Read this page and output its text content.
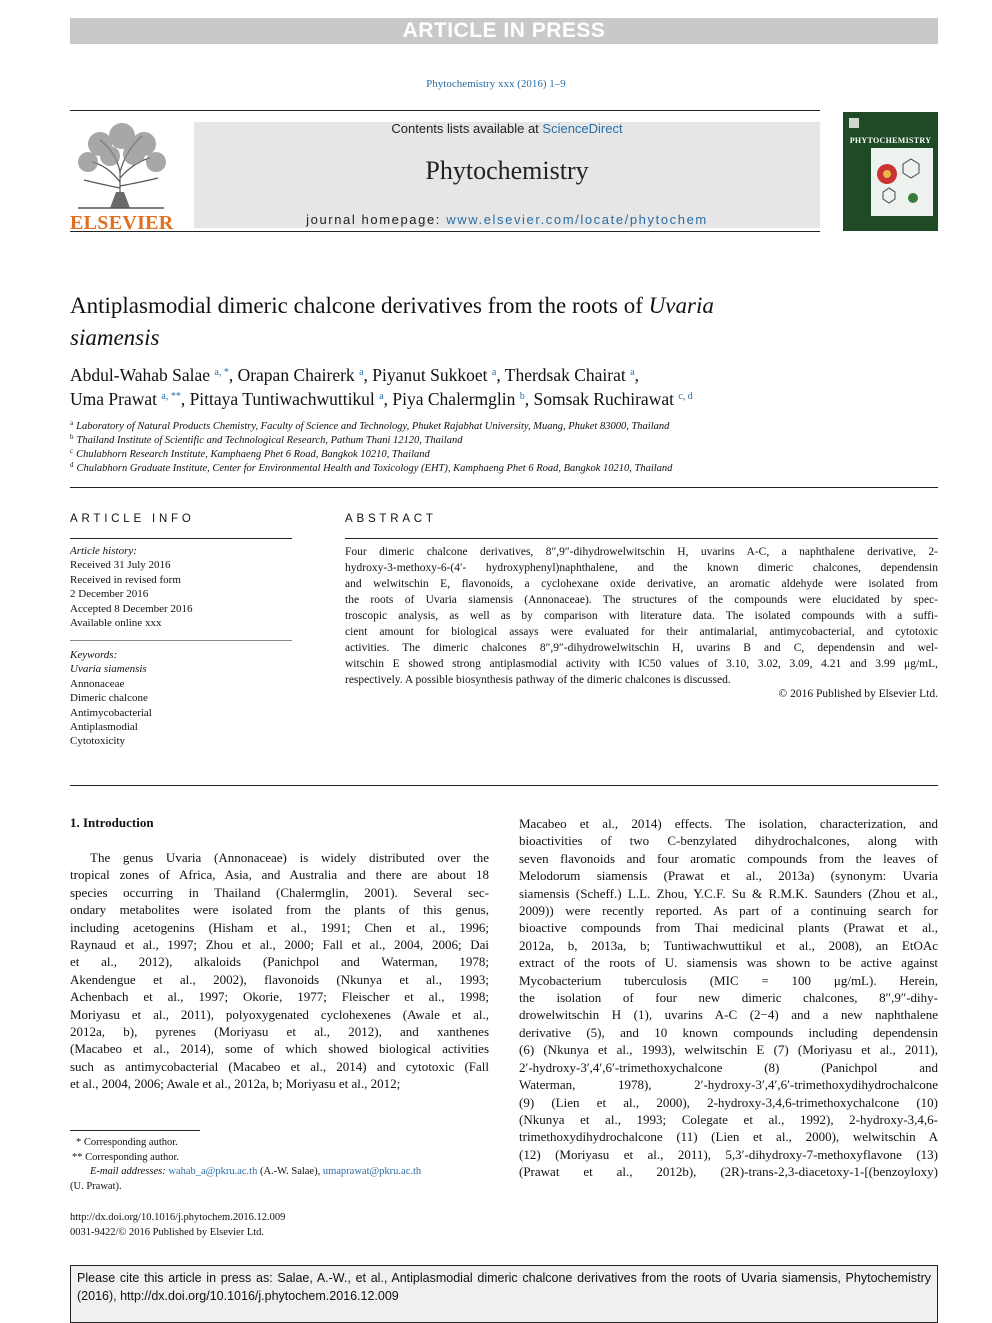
ARTICLE IN PRESS
Phytochemistry xxx (2016) 1–9
ELSEVIER
Contents lists available at ScienceDirect
Phytochemistry
journal homepage: www.elsevier.com/locate/phytochem
PHYTOCHEMISTRY
Antiplasmodial dimeric chalcone derivatives from the roots of Uvaria
siamensis
Abdul-Wahab Salae $^{a, *}$, Orapan Chairerk $^a$, Piyanut Sukkoet $^a$, Therdsak Chairat $^a$,
Uma Prawat $^{a, **}$, Pittaya Tuntiwachwuttikul $^a$, Piya Chalermglin $^b$, Somsak Ruchirawat $^{c, d}$
$^a$ Laboratory of Natural Products Chemistry, Faculty of Science and Technology, Phuket Rajabhat University, Muang, Phuket 83000, Thailand
$^b$ Thailand Institute of Scientific and Technological Research, Pathum Thani 12120, Thailand
$^c$ Chulabhorn Research Institute, Kamphaeng Phet 6 Road, Bangkok 10210, Thailand
$^d$ Chulabhorn Graduate Institute, Center for Environmental Health and Toxicology (EHT), Kamphaeng Phet 6 Road, Bangkok 10210, Thailand
ARTICLE INFO
Article history:
Received 31 July 2016
Received in revised form
2 December 2016
Accepted 8 December 2016
Available online xxx
Keywords:
Uvaria siamensis
Annonaceae
Dimeric chalcone
Antimycobacterial
Antiplasmodial
Cytotoxicity
ABSTRACT
Four dimeric chalcone derivatives, 8″,9″-dihydrowelwitschin H, uvarins A-C, a naphthalene derivative, 2-
hydroxy-3-methoxy-6-(4′- hydroxyphenyl)naphthalene, and the known dimeric chalcones, dependensin
and welwitschin E, flavonoids, a cyclohexane oxide derivative, an aromatic aldehyde were isolated from
the roots of Uvaria siamensis (Annonaceae). The structures of the compounds were elucidated by spec-
troscopic analysis, as well as by comparison with literature data. The isolated compounds with a suffi-
cient amount for biological assays were evaluated for their antimalarial, antimycobacterial, and cytotoxic
activities. The dimeric chalcones 8″,9″-dihydrowelwitschin H, uvarins B and C, dependensin and wel-
witschin E showed strong antiplasmodial activity with IC50 values of 3.10, 3.02, 3.09, 4.21 and 3.99 μg/mL,
respectively. A possible biosynthesis pathway of the dimeric chalcones is discussed.
© 2016 Published by Elsevier Ltd.
1. Introduction
The genus Uvaria (Annonaceae) is widely distributed over the
tropical zones of Africa, Asia, and Australia and there are about 18
species occurring in Thailand (Chalermglin, 2001). Several sec-
ondary metabolites were isolated from the plants of this genus,
including acetogenins (Hisham et al., 1991; Chen et al., 1996;
Raynaud et al., 1997; Zhou et al., 2000; Fall et al., 2004, 2006; Dai
et al., 2012), alkaloids (Panichpol and Waterman, 1978;
Akendengue et al., 2002), flavonoids (Nkunya et al., 1993;
Achenbach et al., 1997; Okorie, 1977; Fleischer et al., 1998;
Moriyasu et al., 2011), polyoxygenated cyclohexenes (Awale et al.,
2012a, b), pyrenes (Moriyasu et al., 2012), and xanthenes
(Macabeo et al., 2014), some of which showed biological activities
such as antimycobacterial (Macabeo et al., 2014) and cytotoxic (Fall
et al., 2004, 2006; Awale et al., 2012a, b; Moriyasu et al., 2012;
Macabeo et al., 2014) effects. The isolation, characterization, and
bioactivities of two C-benzylated dihydrochalcones, along with
seven flavonoids and four aromatic compounds from the leaves of
Melodorum siamensis (Prawat et al., 2013a) (synonym: Uvaria
siamensis (Scheff.) L.L. Zhou, Y.C.F. Su & R.M.K. Saunders (Zhou et al.,
2009)) were recently reported. As part of a continuing search for
bioactive compounds from Thai medicinal plants (Prawat et al.,
2012a, b, 2013a, b; Tuntiwachwuttikul et al., 2008), an EtOAc
extract of the roots of U. siamensis was shown to be active against
Mycobacterium tuberculosis (MIC = 100 μg/mL). Herein,
the isolation of four new dimeric chalcones, 8″,9″-dihy-
drowelwitschin H (1), uvarins A-C (2−4) and a new naphthalene
derivative (5), and 10 known compounds including dependensin
(6) (Nkunya et al., 1993), welwitschin E (7) (Moriyasu et al., 2011),
2′-hydroxy-3′,4′,6′-trimethoxychalcone (8) (Panichpol and
Waterman, 1978), 2′-hydroxy-3′,4′,6′-trimethoxydihydrochalcone
(9) (Lien et al., 2000), 2-hydroxy-3,4,6-trimethoxychalcone (10)
(Nkunya et al., 1993; Colegate et al., 1992), 2-hydroxy-3,4,6-
trimethoxydihydrochalcone (11) (Lien et al., 2000), welwitschin A
(12) (Moriyasu et al., 2011), 5,3′-dihydroxy-7-methoxyflavone (13)
(Prawat et al., 2012b), (2R)-trans-2,3-diacetoxy-1-[(benzoyloxy)
* Corresponding author.
** Corresponding author.
E-mail addresses: wahab_a@pkru.ac.th (A.-W. Salae), umaprawat@pkru.ac.th
(U. Prawat).
http://dx.doi.org/10.1016/j.phytochem.2016.12.009
0031-9422/© 2016 Published by Elsevier Ltd.
Please cite this article in press as: Salae, A.-W., et al., Antiplasmodial dimeric chalcone derivatives from the roots of Uvaria siamensis, Phytochemistry (2016), http://dx.doi.org/10.1016/j.phytochem.2016.12.009
